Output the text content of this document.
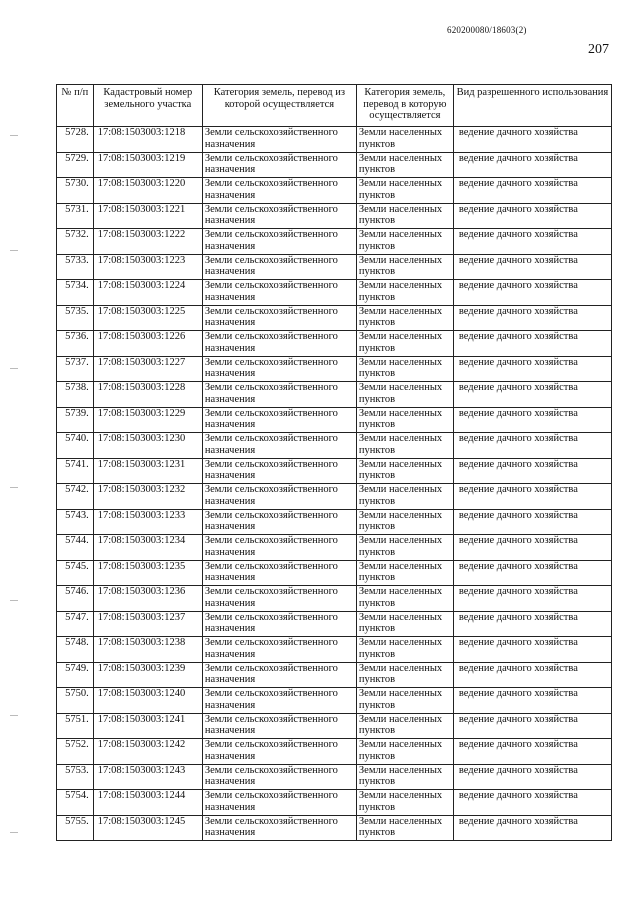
620200080/18603(2)
207
№ п/п	Кадастровый номер земельного участка	Категория земель, перевод из которой осуществляется	Категория земель, перевод в которую осуществляется	Вид разрешенного использования
5728.	17:08:1503003:1218	Земли сельскохозяйственного назначения	Земли населенных пунктов	ведение дачного хозяйства
5729.	17:08:1503003:1219	Земли сельскохозяйственного назначения	Земли населенных пунктов	ведение дачного хозяйства
5730.	17:08:1503003:1220	Земли сельскохозяйственного назначения	Земли населенных пунктов	ведение дачного хозяйства
5731.	17:08:1503003:1221	Земли сельскохозяйственного назначения	Земли населенных пунктов	ведение дачного хозяйства
5732.	17:08:1503003:1222	Земли сельскохозяйственного назначения	Земли населенных пунктов	ведение дачного хозяйства
5733.	17:08:1503003:1223	Земли сельскохозяйственного назначения	Земли населенных пунктов	ведение дачного хозяйства
5734.	17:08:1503003:1224	Земли сельскохозяйственного назначения	Земли населенных пунктов	ведение дачного хозяйства
5735.	17:08:1503003:1225	Земли сельскохозяйственного назначения	Земли населенных пунктов	ведение дачного хозяйства
5736.	17:08:1503003:1226	Земли сельскохозяйственного назначения	Земли населенных пунктов	ведение дачного хозяйства
5737.	17:08:1503003:1227	Земли сельскохозяйственного назначения	Земли населенных пунктов	ведение дачного хозяйства
5738.	17:08:1503003:1228	Земли сельскохозяйственного назначения	Земли населенных пунктов	ведение дачного хозяйства
5739.	17:08:1503003:1229	Земли сельскохозяйственного назначения	Земли населенных пунктов	ведение дачного хозяйства
5740.	17:08:1503003:1230	Земли сельскохозяйственного назначения	Земли населенных пунктов	ведение дачного хозяйства
5741.	17:08:1503003:1231	Земли сельскохозяйственного назначения	Земли населенных пунктов	ведение дачного хозяйства
5742.	17:08:1503003:1232	Земли сельскохозяйственного назначения	Земли населенных пунктов	ведение дачного хозяйства
5743.	17:08:1503003:1233	Земли сельскохозяйственного назначения	Земли населенных пунктов	ведение дачного хозяйства
5744.	17:08:1503003:1234	Земли сельскохозяйственного назначения	Земли населенных пунктов	ведение дачного хозяйства
5745.	17:08:1503003:1235	Земли сельскохозяйственного назначения	Земли населенных пунктов	ведение дачного хозяйства
5746.	17:08:1503003:1236	Земли сельскохозяйственного назначения	Земли населенных пунктов	ведение дачного хозяйства
5747.	17:08:1503003:1237	Земли сельскохозяйственного назначения	Земли населенных пунктов	ведение дачного хозяйства
5748.	17:08:1503003:1238	Земли сельскохозяйственного назначения	Земли населенных пунктов	ведение дачного хозяйства
5749.	17:08:1503003:1239	Земли сельскохозяйственного назначения	Земли населенных пунктов	ведение дачного хозяйства
5750.	17:08:1503003:1240	Земли сельскохозяйственного назначения	Земли населенных пунктов	ведение дачного хозяйства
5751.	17:08:1503003:1241	Земли сельскохозяйственного назначения	Земли населенных пунктов	ведение дачного хозяйства
5752.	17:08:1503003:1242	Земли сельскохозяйственного назначения	Земли населенных пунктов	ведение дачного хозяйства
5753.	17:08:1503003:1243	Земли сельскохозяйственного назначения	Земли населенных пунктов	ведение дачного хозяйства
5754.	17:08:1503003:1244	Земли сельскохозяйственного назначения	Земли населенных пунктов	ведение дачного хозяйства
5755.	17:08:1503003:1245	Земли сельскохозяйственного назначения	Земли населенных пунктов	ведение дачного хозяйства
